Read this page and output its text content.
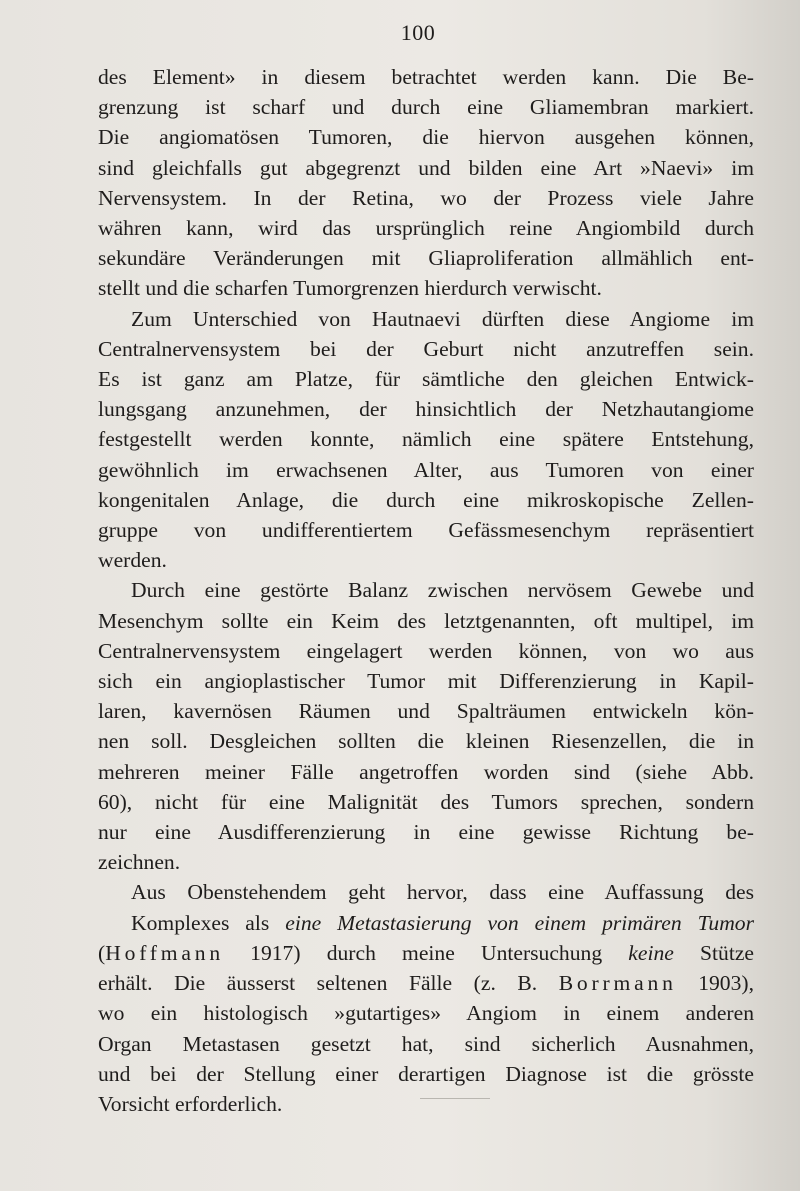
100

des Element» in diesem betrachtet werden kann. Die Be-
grenzung ist scharf und durch eine Gliamembran markiert.
Die angiomatösen Tumoren, die hiervon ausgehen können,
sind gleichfalls gut abgegrenzt und bilden eine Art »Naevi» im
Nervensystem. In der Retina, wo der Prozess viele Jahre
währen kann, wird das ursprünglich reine Angiombild durch
sekundäre Veränderungen mit Gliaproliferation allmählich ent-
stellt und die scharfen Tumorgrenzen hierdurch verwischt.

Zum Unterschied von Hautnaevi dürften diese Angiome im
Centralnervensystem bei der Geburt nicht anzutreffen sein.
Es ist ganz am Platze, für sämtliche den gleichen Entwick-
lungsgang anzunehmen, der hinsichtlich der Netzhautangiome
festgestellt werden konnte, nämlich eine spätere Entstehung,
gewöhnlich im erwachsenen Alter, aus Tumoren von einer
kongenitalen Anlage, die durch eine mikroskopische Zellen-
gruppe von undifferentiertem Gefässmesenchym repräsentiert
werden.

Durch eine gestörte Balanz zwischen nervösem Gewebe und
Mesenchym sollte ein Keim des letztgenannten, oft multipel, im
Centralnervensystem eingelagert werden können, von wo aus
sich ein angioplastischer Tumor mit Differenzierung in Kapil-
laren, kavernösen Räumen und Spalträumen entwickeln kön-
nen soll. Desgleichen sollten die kleinen Riesenzellen, die in
mehreren meiner Fälle angetroffen worden sind (siehe Abb.
60), nicht für eine Malignität des Tumors sprechen, sondern
nur eine Ausdifferenzierung in eine gewisse Richtung be-
zeichnen.

Aus Obenstehendem geht hervor, dass eine Auffassung des
Komplexes als eine Metastasierung von einem primären Tumor
(Hoffmann 1917) durch meine Untersuchung keine Stütze
erhält. Die äusserst seltenen Fälle (z. B. Borrmann 1903),
wo ein histologisch »gutartiges» Angiom in einem anderen
Organ Metastasen gesetzt hat, sind sicherlich Ausnahmen,
und bei der Stellung einer derartigen Diagnose ist die grösste
Vorsicht erforderlich.
